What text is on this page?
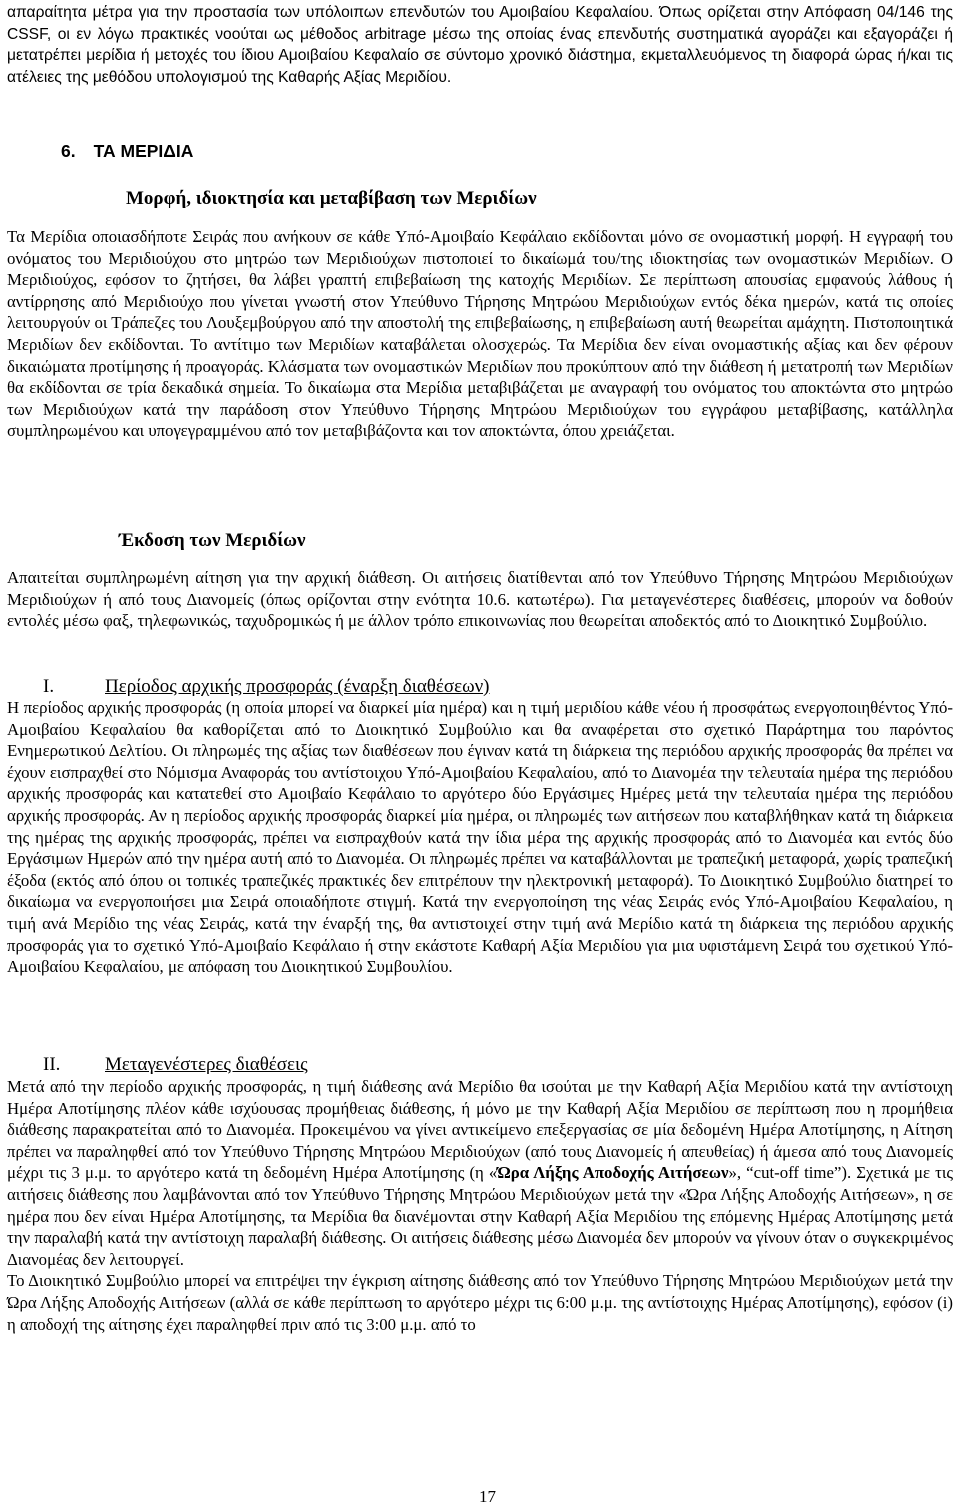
απαραίτητα μέτρα για την προστασία των υπόλοιπων επενδυτών του Αμοιβαίου Κεφαλαίου. Όπως ορίζεται στην Απόφαση 04/146 της CSSF, οι εν λόγω πρακτικές νοούται ως μέθοδος arbitrage μέσω της οποίας ένας επενδυτής συστηματικά αγοράζει και εξαγοράζει ή μετατρέπει μερίδια ή μετοχές του ίδιου Αμοιβαίου Κεφαλαίο σε σύντομο χρονικό διάστημα, εκμεταλλευόμενος τη διαφορά ώρας ή/και τις ατέλειες της μεθόδου υπολογισμού της Καθαρής Αξίας Μεριδίου.

6. ΤΑ ΜΕΡΙΔΙΑ
Μορφή, ιδιοκτησία και μεταβίβαση των Μεριδίων

Τα Μερίδια οποιασδήποτε Σειράς που ανήκουν σε κάθε Υπό-Αμοιβαίο Κεφάλαιο εκδίδονται μόνο σε ονομαστική μορφή. Η εγγραφή του ονόματος του Μεριδιούχου στο μητρώο των Μεριδιούχων πιστοποιεί το δικαίωμά του/της ιδιοκτησίας των ονομαστικών Μεριδίων. Ο Μεριδιούχος, εφόσον το ζητήσει, θα λάβει γραπτή επιβεβαίωση της κατοχής Μεριδίων. Σε περίπτωση απουσίας εμφανούς λάθους ή αντίρρησης από Μεριδιούχο που γίνεται γνωστή στον Υπεύθυνο Τήρησης Μητρώου Μεριδιούχων εντός δέκα ημερών, κατά τις οποίες λειτουργούν οι Τράπεζες του Λουξεμβούργου από την αποστολή της επιβεβαίωσης, η επιβεβαίωση αυτή θεωρείται αμάχητη. Πιστοποιητικά Μεριδίων δεν εκδίδονται. Το αντίτιμο των Μεριδίων καταβάλεται ολοσχερώς. Τα Μερίδια δεν είναι ονομαστικής αξίας και δεν φέρουν δικαιώματα προτίμησης ή προαγοράς. Κλάσματα των ονομαστικών Μεριδίων που προκύπτουν από την διάθεση ή μετατροπή των Μεριδίων θα εκδίδονται σε τρία δεκαδικά σημεία. Το δικαίωμα στα Μερίδια μεταβιβάζεται με αναγραφή του ονόματος του αποκτώντα στο μητρώο των Μεριδιούχων κατά την παράδοση στον Υπεύθυνο Τήρησης Μητρώου Μεριδιούχων του εγγράφου μεταβίβασης, κατάλληλα συμπληρωμένου και υπογεγραμμένου από τον μεταβιβάζοντα και τον αποκτώντα, όπου χρειάζεται.

Έκδοση των Μεριδίων

Απαιτείται συμπληρωμένη αίτηση για την αρχική διάθεση. Οι αιτήσεις διατίθενται από τον Υπεύθυνο Τήρησης Μητρώου Μεριδιούχων Μεριδιούχων ή από τους Διανομείς (όπως ορίζονται στην ενότητα 10.6. κατωτέρω). Για μεταγενέστερες διαθέσεις, μπορούν να δοθούν εντολές μέσω φαξ, τηλεφωνικώς, ταχυδρομικώς ή με άλλον τρόπο επικοινωνίας που θεωρείται αποδεκτός από το Διοικητικό Συμβούλιο.

I.	Περίοδος αρχικής προσφοράς (έναρξη διαθέσεων)

Η περίοδος αρχικής προσφοράς (η οποία μπορεί να διαρκεί μία ημέρα) και η τιμή μεριδίου κάθε νέου ή προσφάτως ενεργοποιηθέντος Υπό-Αμοιβαίου Κεφαλαίου θα καθορίζεται από το Διοικητικό Συμβούλιο και θα αναφέρεται στο σχετικό Παράρτημα του παρόντος Ενημερωτικού Δελτίου. Οι πληρωμές της αξίας των διαθέσεων που έγιναν κατά τη διάρκεια της περιόδου αρχικής προσφοράς θα πρέπει να έχουν εισπραχθεί στο Νόμισμα Αναφοράς του αντίστοιχου Υπό-Αμοιβαίου Κεφαλαίου, από το Διανομέα την τελευταία ημέρα της περιόδου αρχικής προσφοράς και κατατεθεί στο Αμοιβαίο Κεφάλαιο το αργότερο δύο Εργάσιμες Ημέρες μετά την τελευταία ημέρα της περιόδου αρχικής προσφοράς. Αν η περίοδος αρχικής προσφοράς διαρκεί μία ημέρα, οι πληρωμές των αιτήσεων που καταβλήθηκαν κατά τη διάρκεια της ημέρας της αρχικής προσφοράς, πρέπει να εισπραχθούν κατά την ίδια μέρα της αρχικής προσφοράς από το Διανομέα και εντός δύο Εργάσιμων Ημερών από την ημέρα αυτή από το Διανομέα. Οι πληρωμές πρέπει να καταβάλλονται με τραπεζική μεταφορά, χωρίς τραπεζική έξοδα (εκτός από όπου οι τοπικές τραπεζικές πρακτικές δεν επιτρέπουν την ηλεκτρονική μεταφορά). Το Διοικητικό Συμβούλιο διατηρεί το δικαίωμα να ενεργοποιήσει μια Σειρά οποιαδήποτε στιγμή. Κατά την ενεργοποίηση της νέας Σειράς ενός Υπό-Αμοιβαίου Κεφαλαίου, η τιμή ανά Μερίδιο της νέας Σειράς, κατά την έναρξή της, θα αντιστοιχεί στην τιμή ανά Μερίδιο κατά τη διάρκεια της περιόδου αρχικής προσφοράς για το σχετικό Υπό-Αμοιβαίο Κεφάλαιο ή στην εκάστοτε Καθαρή Αξία Μεριδίου για μια υφιστάμενη Σειρά του σχετικού Υπό-Αμοιβαίου Κεφαλαίου, με απόφαση του Διοικητικού Συμβουλίου.

II. Μεταγενέστερες διαθέσεις

Μετά από την περίοδο αρχικής προσφοράς, η τιμή διάθεσης ανά Μερίδιο θα ισούται με την Καθαρή Αξία Μεριδίου κατά την αντίστοιχη Ημέρα Αποτίμησης πλέον κάθε ισχύουσας προμήθειας διάθεσης, ή μόνο με την Καθαρή Αξία Μεριδίου σε περίπτωση που η προμήθεια διάθεσης παρακρατείται από το Διανομέα. Προκειμένου να γίνει αντικείμενο επεξεργασίας σε μία δεδομένη Ημέρα Αποτίμησης, η Αίτηση πρέπει να παραληφθεί από τον Υπεύθυνο Τήρησης Μητρώου Μεριδιούχων (από τους Διανομείς ή απευθείας) ή άμεσα από τους Διανομείς μέχρι τις 3 μ.μ. το αργότερο κατά τη δεδομένη Ημέρα Αποτίμησης (η «Ώρα Λήξης Αποδοχής Αιτήσεων», “cut-off time”). Σχετικά με τις αιτήσεις διάθεσης που λαμβάνονται από τον Υπεύθυνο Τήρησης Μητρώου Μεριδιούχων μετά την «Ώρα Λήξης Αποδοχής Αιτήσεων», η σε ημέρα που δεν είναι Ημέρα Αποτίμησης, τα Μερίδια θα διανέμονται στην Καθαρή Αξία Μεριδίου της επόμενης Ημέρας Αποτίμησης μετά την παραλαβή κατά την αντίστοιχη παραλαβή διάθεσης. Οι αιτήσεις διάθεσης μέσω Διανομέα δεν μπορούν να γίνουν όταν ο συγκεκριμένος Διανομέας δεν λειτουργεί.

Το Διοικητικό Συμβούλιο μπορεί να επιτρέψει την έγκριση αίτησης διάθεσης από τον Υπεύθυνο Τήρησης Μητρώου Μεριδιούχων μετά την Ώρα Λήξης Αποδοχής Αιτήσεων (αλλά σε κάθε περίπτωση το αργότερο μέχρι τις 6:00 μ.μ. της αντίστοιχης Ημέρας Αποτίμησης), εφόσον (i) η αποδοχή της αίτησης έχει παραληφθεί πριν από τις 3:00 μ.μ. από το

17
